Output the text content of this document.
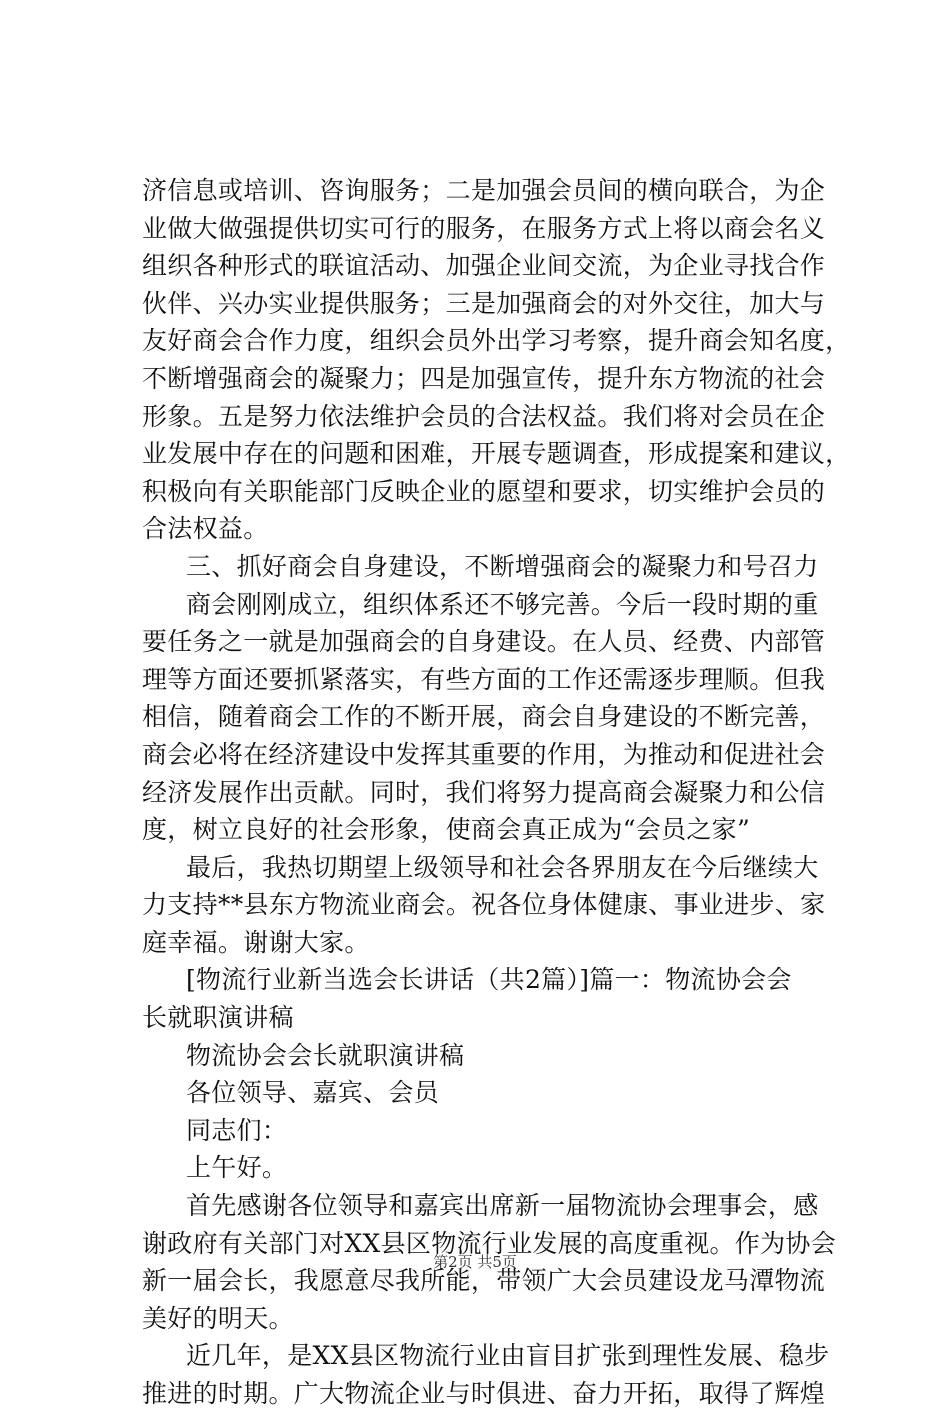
济信息或培训、咨询服务；二是加强会员间的横向联合，为企
业做大做强提供切实可行的服务，在服务方式上将以商会名义
组织各种形式的联谊活动、加强企业间交流，为企业寻找合作
伙伴、兴办实业提供服务；三是加强商会的对外交往，加大与
友好商会合作力度，组织会员外出学习考察，提升商会知名度，
不断增强商会的凝聚力；四是加强宣传，提升东方物流的社会
形象。五是努力依法维护会员的合法权益。我们将对会员在企
业发展中存在的问题和困难，开展专题调查，形成提案和建议，
积极向有关职能部门反映企业的愿望和要求，切实维护会员的
合法权益。
三、抓好商会自身建设，不断增强商会的凝聚力和号召力
商会刚刚成立，组织体系还不够完善。今后一段时期的重
要任务之一就是加强商会的自身建设。在人员、经费、内部管
理等方面还要抓紧落实，有些方面的工作还需逐步理顺。但我
相信，随着商会工作的不断开展，商会自身建设的不断完善，
商会必将在经济建设中发挥其重要的作用，为推动和促进社会
经济发展作出贡献。同时，我们将努力提高商会凝聚力和公信
度，树立良好的社会形象，使商会真正成为“会员之家”
最后，我热切期望上级领导和社会各界朋友在今后继续大
力支持**县东方物流业商会。祝各位身体健康、事业进步、家
庭幸福。谢谢大家。
[物流行业新当选会长讲话（共2篇）]篇一：物流协会会
长就职演讲稿
物流协会会长就职演讲稿
各位领导、嘉宾、会员
同志们：
上午好。
首先感谢各位领导和嘉宾出席新一届物流协会理事会，感
谢政府有关部门对XX县区物流行业发展的高度重视。作为协会
新一届会长，我愿意尽我所能，带领广大会员建设龙马潭物流
美好的明天。
近几年，是XX县区物流行业由盲目扩张到理性发展、稳步
推进的时期。广大物流企业与时俱进、奋力开拓，取得了辉煌
第2页 共5页
